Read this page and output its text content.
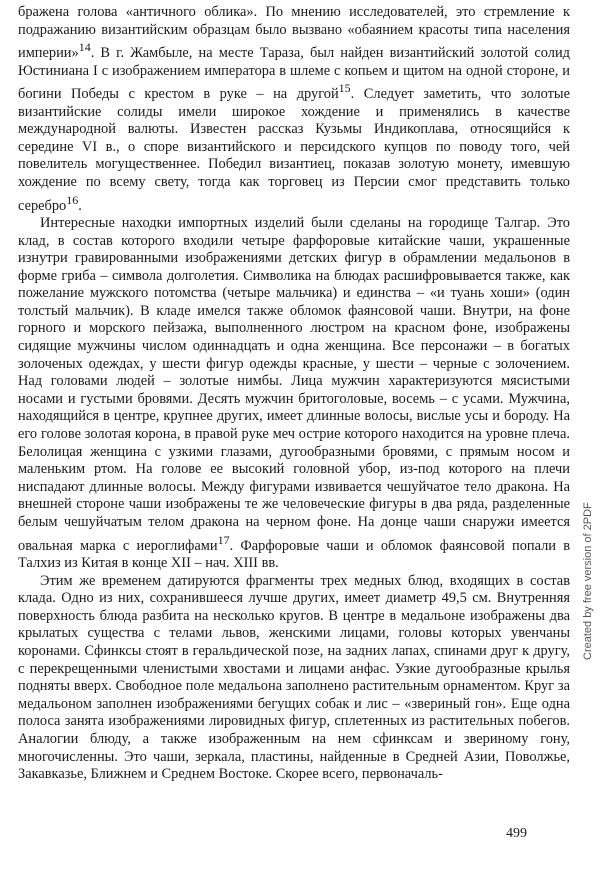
бражена голова «античного облика». По мнению исследователей, это стремление к подражанию византийским образцам было вызвано «обаянием красоты типа населения империи»$^{14}$. В г. Жамбыле, на месте Тараза, был найден византийский золотой солид Юстиниана I с изображением императора в шлеме с копьем и щитом на одной стороне, и богини Победы с крестом в руке – на другой$^{15}$. Следует заметить, что золотые византийские солиды имели широкое хождение и применялись в качестве международной валюты. Известен рассказ Кузьмы Индикоплава, относящийся к середине VI в., о споре византийского и персидского купцов по поводу того, чей повелитель могущественнее. Победил византиец, показав золотую монету, имевшую хождение по всему свету, тогда как торговец из Персии смог представить только серебро$^{16}$.

Интересные находки импортных изделий были сделаны на городище Талгар. Это клад, в состав которого входили четыре фарфоровые китайские чаши, украшенные изнутри гравированными изображениями детских фигур в обрамлении медальонов в форме гриба – символа долголетия. Символика на блюдах расшифровывается также, как пожелание мужского потомства (четыре мальчика) и единства – «и туань хоши» (один толстый мальчик). В кладе имелся также обломок фаянсовой чаши. Внутри, на фоне горного и морского пейзажа, выполненного люстром на красном фоне, изображены сидящие мужчины числом одиннадцать и одна женщина. Все персонажи – в богатых золоченых одеждах, у шести фигур одежды красные, у шести – черные с золочением. Над головами людей – золотые нимбы. Лица мужчин характеризуются мясистыми носами и густыми бровями. Десять мужчин бритоголовые, восемь – с усами. Мужчина, находящийся в центре, крупнее других, имеет длинные волосы, вислые усы и бороду. На его голове золотая корона, в правой руке меч острие которого находится на уровне плеча. Белолицая женщина с узкими глазами, дугообразными бровями, с прямым носом и маленьким ртом. На голове ее высокий головной убор, из-под которого на плечи ниспадают длинные волосы. Между фигурами извивается чешуйчатое тело дракона. На внешней стороне чаши изображены те же человеческие фигуры в два ряда, разделенные белым чешуйчатым телом дракона на черном фоне. На донце чаши снаружи имеется овальная марка с иероглифами$^{17}$. Фарфоровые чаши и обломок фаянсовой попали в Талхиз из Китая в конце XII – нач. XIII вв.

Этим же временем датируются фрагменты трех медных блюд, входящих в состав клада. Одно из них, сохранившееся лучше других, имеет диаметр 49,5 см. Внутренняя поверхность блюда разбита на несколько кругов. В центре в медальоне изображены два крылатых существа с телами львов, женскими лицами, головы которых увенчаны коронами. Сфинксы стоят в геральдической позе, на задних лапах, спинами друг к другу, с перекрещенными членистыми хвостами и лицами анфас. Узкие дугообразные крылья подняты вверх. Свободное поле медальона заполнено растительным орнаментом. Круг за медальоном заполнен изображениями бегущих собак и лис – «звериный гон». Еще одна полоса занята изображениями лировидных фигур, сплетенных из растительных побегов. Аналогии блюду, а также изображенным на нем сфинксам и звериному гону, многочисленны. Это чаши, зеркала, пластины, найденные в Средней Азии, Поволжье, Закавказье, Ближнем и Среднем Востоке. Скорее всего, первоначаль-

Created by free version of 2PDF
499
